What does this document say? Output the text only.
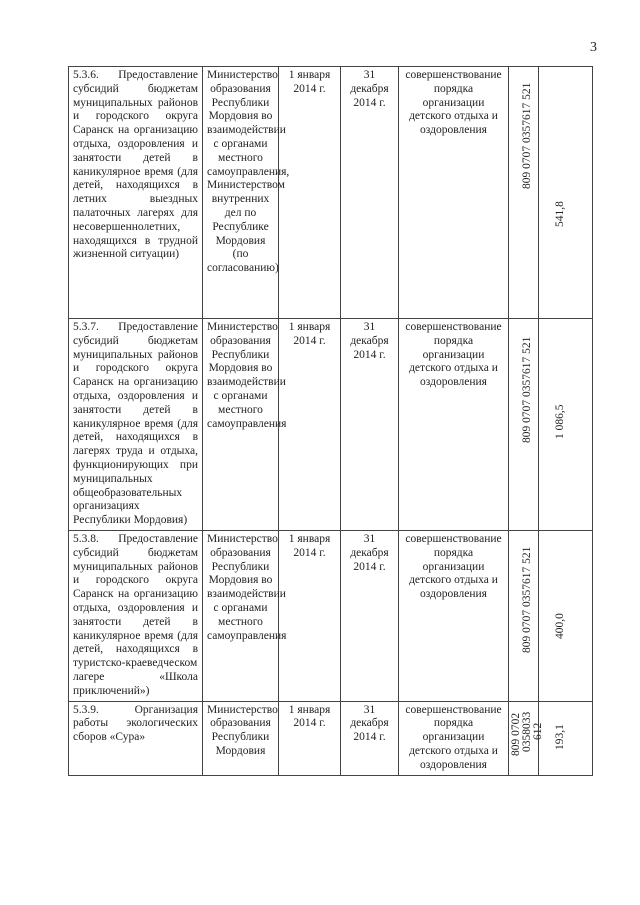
3
5.3.6. Предоставление субсидий бюджетам муниципальных районов и городского округа Саранск на организацию отдыха, оздоровления и занятости детей в каникулярное время (для детей, находящихся в летних выездных палаточных лагерях для несовершеннолетних, находящихся в трудной жизненной ситуации)	Министерство образования Республики Мордовия во взаимодействии с органами местного самоуправления, Министерством внутренних дел по Республике Мордовия (по согласованию)	1 января 2014 г.	31 декабря 2014 г.	совершенствование порядка организации детского отдыха и оздоровления	809 0707 0357617 521	541,8

5.3.7. Предоставление субсидий бюджетам муниципальных районов и городского округа Саранск на организацию отдыха, оздоровления и занятости детей в каникулярное время (для детей, находящихся в лагерях труда и отдыха, функционирующих при муниципальных общеобразовательных организациях Республики Мордовия)	Министерство образования Республики Мордовия во взаимодействии с органами местного самоуправления	1 января 2014 г.	31 декабря 2014 г.	совершенствование порядка организации детского отдыха и оздоровления	809 0707 0357617 521	1 086,5

5.3.8. Предоставление субсидий бюджетам муниципальных районов и городского округа Саранск на организацию отдыха, оздоровления и занятости детей в каникулярное время (для детей, находящихся в туристско-краеведческом лагере «Школа приключений»)	Министерство образования Республики Мордовия во взаимодействии с органами местного самоуправления	1 января 2014 г.	31 декабря 2014 г.	совершенствование порядка организации детского отдыха и оздоровления	809 0707 0357617 521	400,0

5.3.9. Организация работы экологических сборов «Сура»	Министерство образования Республики Мордовия	1 января 2014 г.	31 декабря 2014 г.	совершенствование порядка организации детского отдыха и оздоровления	809 0702 0358033 612	193,1
